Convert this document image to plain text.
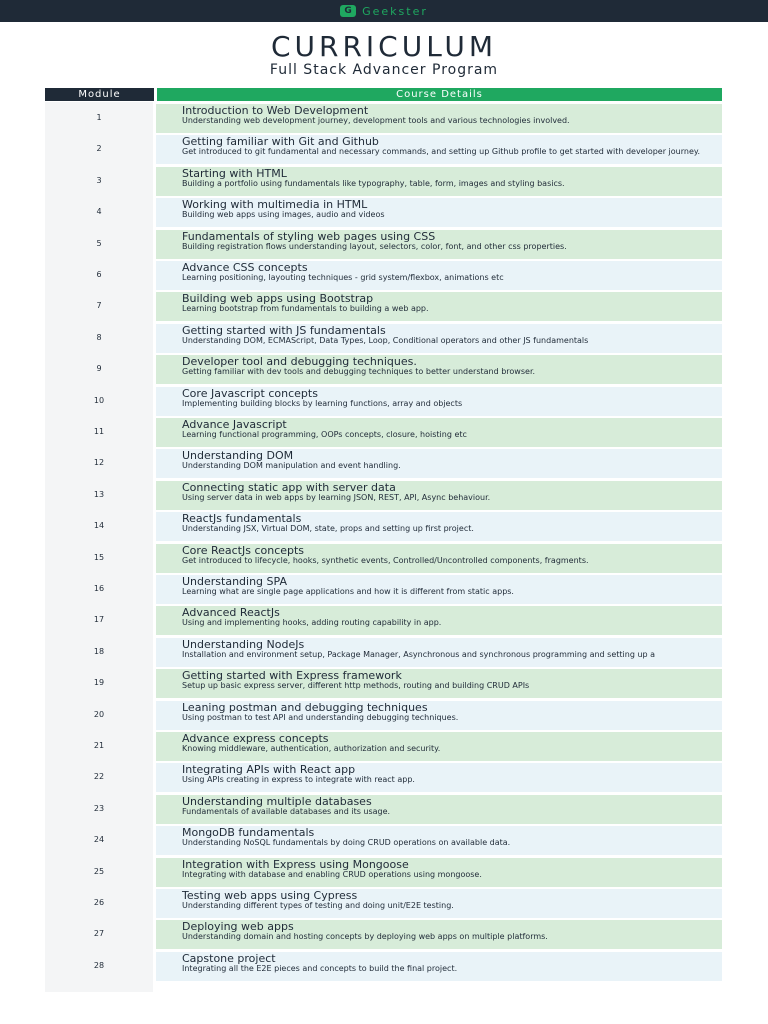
G Geekster
CURRICULUM
Full Stack Advancer Program
Module	Course Details
1
Introduction to Web Development
Understanding web development journey, development tools and various technologies involved.
2
Getting familiar with Git and Github
Get introduced to git fundamental and necessary commands, and setting up Github profile to get started with developer journey.
3
Starting with HTML
Building a portfolio using fundamentals like typography, table, form, images and styling basics.
4
Working with multimedia in HTML
Building web apps using images, audio and videos
5
Fundamentals of styling web pages using CSS
Building registration flows understanding layout, selectors, color, font, and other css properties.
6
Advance CSS concepts
Learning positioning, layouting techniques - grid system/flexbox, animations etc
7
Building web apps using Bootstrap
Learning bootstrap from fundamentals to building a web app.
8
Getting started with JS fundamentals
Understanding DOM, ECMAScript, Data Types, Loop, Conditional operators and other JS fundamentals
9
Developer tool and debugging techniques.
Getting familiar with dev tools and debugging techniques to better understand browser.
10
Core Javascript concepts
Implementing building blocks by learning functions, array and objects
11
Advance Javascript
Learning functional programming, OOPs concepts, closure, hoisting etc
12
Understanding DOM
Understanding DOM manipulation and event handling.
13
Connecting static app with server data
Using server data in web apps by learning JSON, REST, API, Async behaviour.
14
ReactJs fundamentals
Understanding JSX, Virtual DOM, state, props and setting up first project.
15
Core ReactJs concepts
Get introduced to lifecycle, hooks, synthetic events, Controlled/Uncontrolled components, fragments.
16
Understanding SPA
Learning what are single page applications and how it is different from static apps.
17
Advanced ReactJs
Using and implementing hooks, adding routing capability in app.
18
Understanding NodeJs
Installation and environment setup, Package Manager, Asynchronous and synchronous programming and setting up a
19
Getting started with Express framework
Setup up basic express server, different http methods, routing and building CRUD APIs
20
Leaning postman and debugging techniques
Using postman to test API and understanding debugging techniques.
21
Advance express concepts
Knowing middleware, authentication, authorization and security.
22
Integrating APIs with React app
Using APIs creating in express to integrate with react app.
23
Understanding multiple databases
Fundamentals of available databases and its usage.
24
MongoDB fundamentals
Understanding NoSQL fundamentals by doing CRUD operations on available data.
25
Integration with Express using Mongoose
Integrating with database and enabling CRUD operations using mongoose.
26
Testing web apps using Cypress
Understanding different types of testing and doing unit/E2E testing.
27
Deploying web apps
Understanding domain and hosting concepts by deploying web apps on multiple platforms.
28
Capstone project
Integrating all the E2E pieces and concepts to build the final project.
